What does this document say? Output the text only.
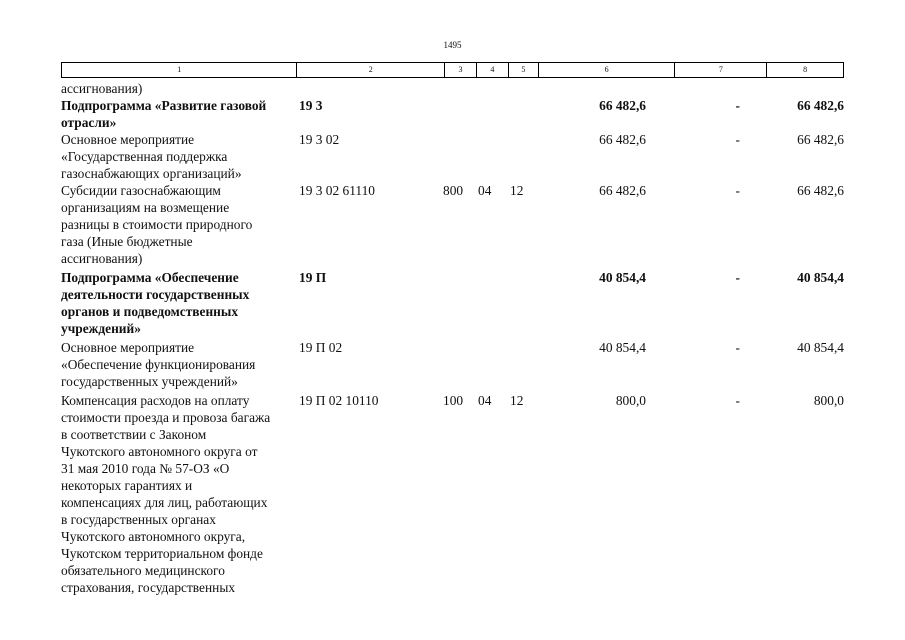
1495
1	2	3	4	5	6	7	8
ассигнования)
Подпрограмма «Развитие газовой
отрасли»
19 3	66 482,6	-	66 482,6
Основное мероприятие
«Государственная поддержка
газоснабжающих организаций»
19 3 02	66 482,6	-	66 482,6
Субсидии газоснабжающим
организациям на возмещение
разницы в стоимости природного
газа (Иные бюджетные
ассигнования)
19 3 02 61110	800 04 12	66 482,6	-	66 482,6
Подпрограмма «Обеспечение
деятельности государственных
органов и подведомственных
учреждений»
19 П	40 854,4	-	40 854,4
Основное мероприятие
«Обеспечение функционирования
государственных учреждений»
19 П 02	40 854,4	-	40 854,4
Компенсация расходов на оплату
стоимости проезда и провоза багажа
в соответствии с Законом
Чукотского автономного округа от
31 мая 2010 года № 57-ОЗ «О
некоторых гарантиях и
компенсациях для лиц, работающих
в государственных органах
Чукотского автономного округа,
Чукотском территориальном фонде
обязательного медицинского
страхования, государственных
19 П 02 10110	100 04 12	800,0	-	800,0
